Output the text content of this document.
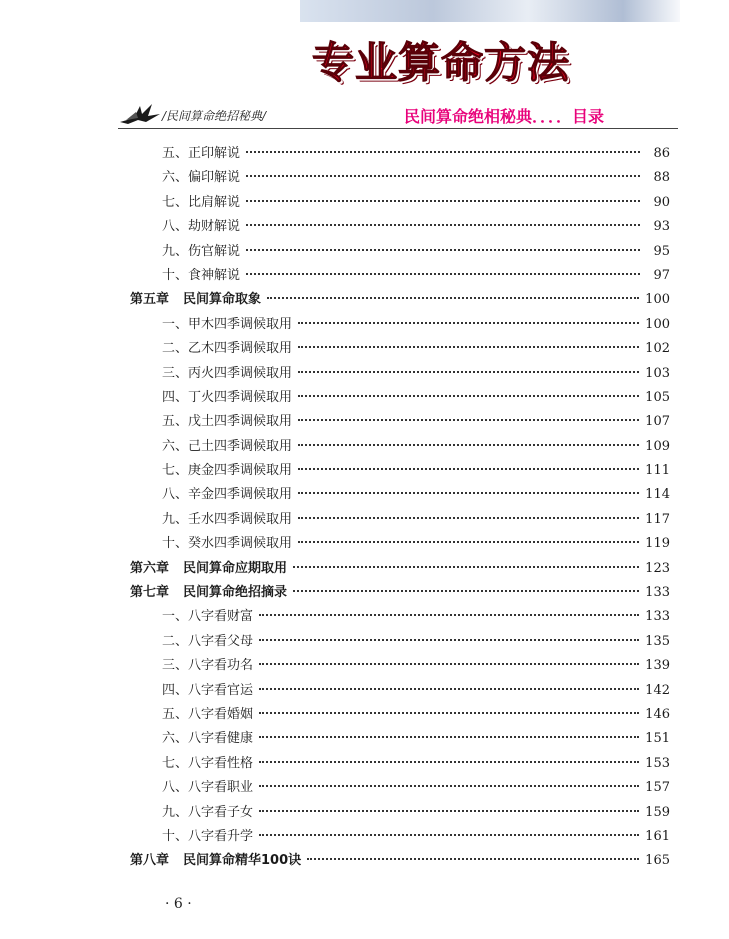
专业算命方法
/民间算命绝招秘典/	民间算命绝相秘典．．．．目录
五、正印解说	86
六、偏印解说	88
七、比肩解说	90
八、劫财解说	93
九、伤官解说	95
十、食神解说	97
第五章 民间算命取象	100
一、甲木四季调候取用	100
二、乙木四季调候取用	102
三、丙火四季调候取用	103
四、丁火四季调候取用	105
五、戊土四季调候取用	107
六、己土四季调候取用	109
七、庚金四季调候取用	111
八、辛金四季调候取用	114
九、壬水四季调候取用	117
十、癸水四季调候取用	119
第六章 民间算命应期取用	123
第七章 民间算命绝招摘录	133
一、八字看财富	133
二、八字看父母	135
三、八字看功名	139
四、八字看官运	142
五、八字看婚姻	146
六、八字看健康	151
七、八字看性格	153
八、八字看职业	157
九、八字看子女	159
十、八字看升学	161
第八章 民间算命精华100诀	165
· 6 ·
